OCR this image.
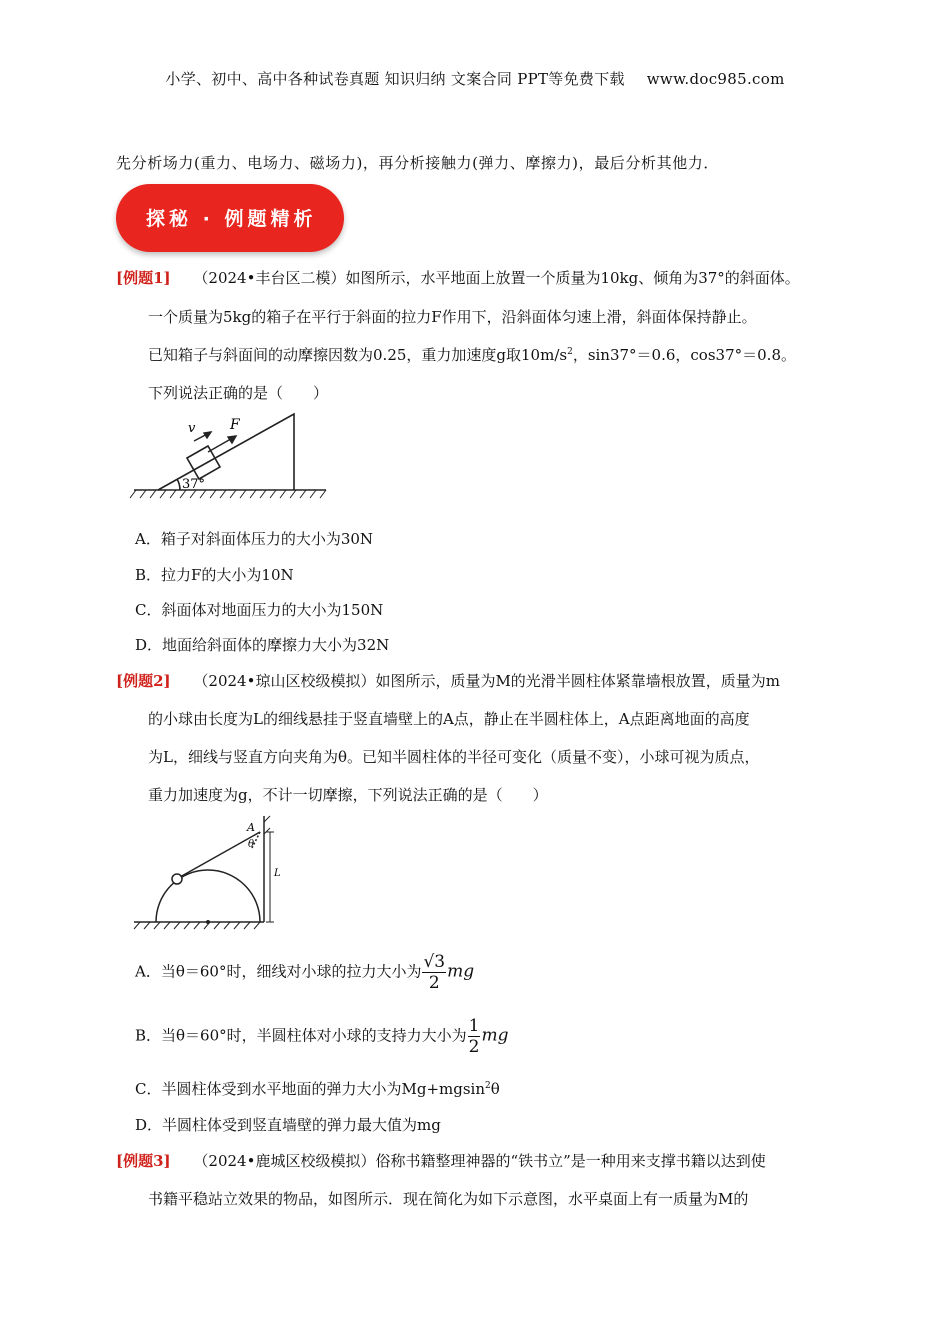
小学、初中、高中各种试卷真题 知识归纳 文案合同 PPT等免费下载 www.doc985.com
先分析场力(重力、电场力、磁场力)，再分析接触力(弹力、摩擦力)，最后分析其他力．
探秘 · 例题精析
[例题1] （2024•丰台区二模）如图所示，水平地面上放置一个质量为10kg、倾角为37°的斜面体。
一个质量为5kg的箱子在平行于斜面的拉力F作用下，沿斜面体匀速上滑，斜面体保持静止。
已知箱子与斜面间的动摩擦因数为0.25，重力加速度g取$10m/s^2$，sin37°＝0.6，cos37°＝0.8。
下列说法正确的是（　　）
v F
37°
A．箱子对斜面体压力的大小为30N
B．拉力F的大小为10N
C．斜面体对地面压力的大小为150N
D．地面给斜面体的摩擦力大小为32N
[例题2] （2024•琼山区校级模拟）如图所示，质量为M的光滑半圆柱体紧靠墙根放置，质量为m
的小球由长度为L的细线悬挂于竖直墙壁上的A点，静止在半圆柱体上，A点距离地面的高度
为L，细线与竖直方向夹角为θ。已知半圆柱体的半径可变化（质量不变），小球可视为质点，
重力加速度为g，不计一切摩擦，下列说法正确的是（　　）
A
θ
L
A．当θ＝60°时，细线对小球的拉力大小为 $\frac{√3}{2}$ mg
B．当θ＝60°时，半圆柱体对小球的支持力大小为 $\frac{1}{2}$ mg
C．半圆柱体受到水平地面的弹力大小为Mg+mgsin$^2$θ
D．半圆柱体受到竖直墙壁的弹力最大值为mg
[例题3] （2024•鹿城区校级模拟）俗称书籍整理神器的“铁书立”是一种用来支撑书籍以达到使
书籍平稳站立效果的物品，如图所示．现在简化为如下示意图，水平桌面上有一质量为M的
